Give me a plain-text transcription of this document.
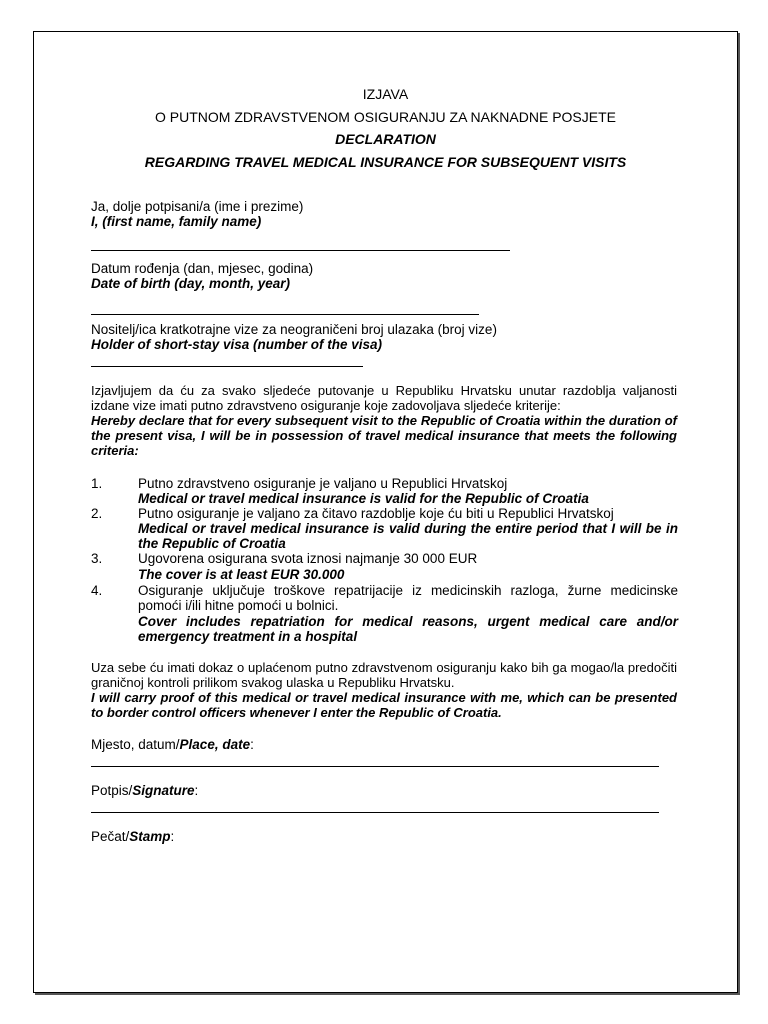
IZJAVA
O PUTNOM ZDRAVSTVENOM OSIGURANJU ZA NAKNADNE POSJETE
DECLARATION
REGARDING TRAVEL MEDICAL INSURANCE FOR SUBSEQUENT VISITS
Ja, dolje potpisani/a (ime i prezime)
I, (first name, family name)
Datum rođenja (dan, mjesec, godina)
Date of birth (day, month, year)
Nositelj/ica kratkotrajne vize za neograničeni broj ulazaka (broj vize)
Holder of short-stay visa (number of the visa)
Izjavljujem da ću za svako sljedeće putovanje u Republiku Hrvatsku unutar razdoblja valjanosti izdane vize imati putno zdravstveno osiguranje koje zadovoljava sljedeće kriterije:
Hereby declare that for every subsequent visit to the Republic of Croatia within the duration of the present visa, I will be in possession of travel medical insurance that meets the following criteria:
1.	Putno zdravstveno osiguranje je valjano u Republici Hrvatskoj
Medical or travel medical insurance is valid for the Republic of Croatia
2.	Putno osiguranje je valjano za čitavo razdoblje koje ću biti u Republici Hrvatskoj
Medical or travel medical insurance is valid during the entire period that I will be in the Republic of Croatia
3.	Ugovorena osigurana svota iznosi najmanje 30 000 EUR
The cover is at least EUR 30.000
4.	Osiguranje uključuje troškove repatrijacije iz medicinskih razloga, žurne medicinske pomoći i/ili hitne pomoći u bolnici.
Cover includes repatriation for medical reasons, urgent medical care and/or emergency treatment in a hospital
Uza sebe ću imati dokaz o uplaćenom putno zdravstvenom osiguranju kako bih ga mogao/la predočiti graničnoj kontroli prilikom svakog ulaska u Republiku Hrvatsku.
I will carry proof of this medical or travel medical insurance with me, which can be presented to border control officers whenever I enter the Republic of Croatia.
Mjesto, datum/Place, date:
Potpis/Signature:
Pečat/Stamp:
